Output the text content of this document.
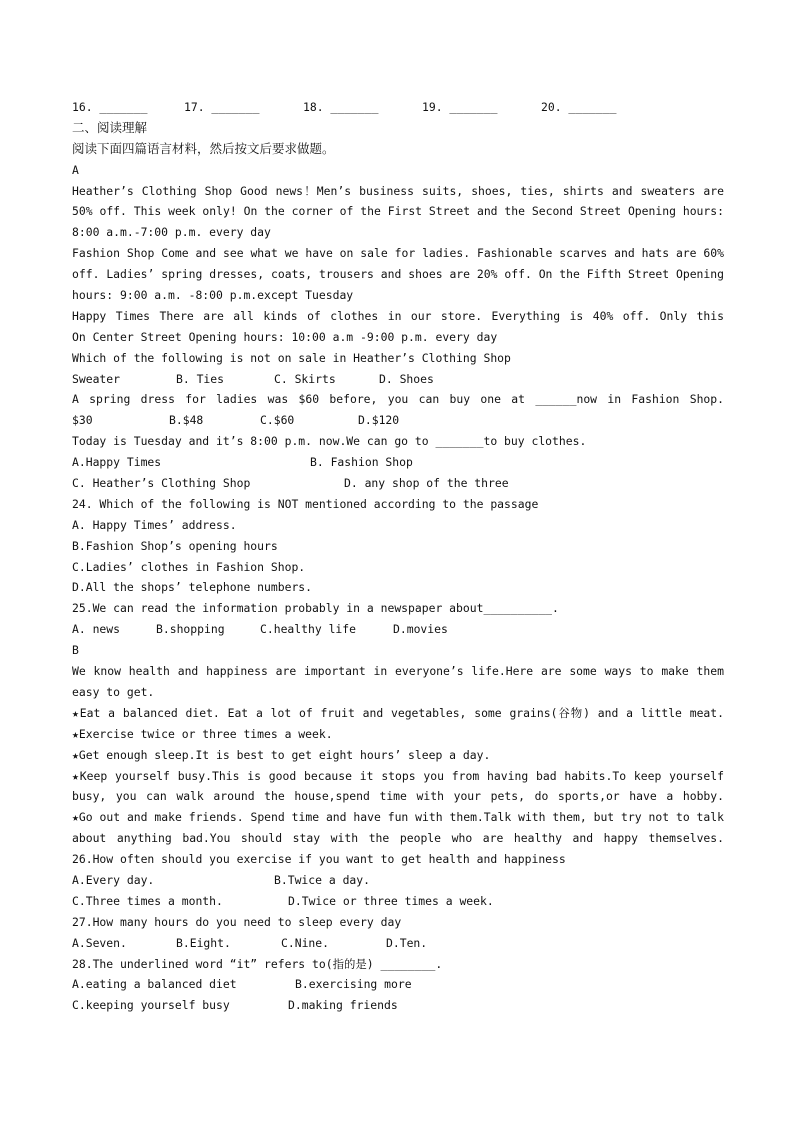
16. _______	17. _______	18. _______	19. _______	20. _______
二、阅读理解
阅读下面四篇语言材料，然后按文后要求做题。
A
Heather’s Clothing Shop Good news！Men’s business suits, shoes, ties, shirts and sweaters are
50% off. This week only! On the corner of the First Street and the Second Street Opening hours:
8:00 a.m.-7:00 p.m. every day
Fashion Shop Come and see what we have on sale for ladies. Fashionable scarves and hats are 60%
off. Ladies’ spring dresses, coats, trousers and shoes are 20% off. On the Fifth Street Opening
hours: 9:00 a.m. -8:00 p.m.except Tuesday
Happy Times There are all kinds of clothes in our store. Everything is 40% off. Only this
On Center Street Opening hours: 10:00 a.m -9:00 p.m. every day
Which of the following is not on sale in Heather’s Clothing Shop
Sweater	B. Ties	C. Skirts	D. Shoes
A spring dress for ladies was $60 before, you can buy one at ______now in Fashion Shop.
$30	B.$48	C.$60	D.$120
Today is Tuesday and it’s 8:00 p.m. now.We can go to _______to buy clothes.
A.Happy Times	B. Fashion Shop
C. Heather’s Clothing Shop	D. any shop of the three
24. Which of the following is NOT mentioned according to the passage
A. Happy Times’ address.
B.Fashion Shop’s opening hours
C.Ladies’ clothes in Fashion Shop.
D.All the shops’ telephone numbers.
25.We can read the information probably in a newspaper about__________.
A. news	B.shopping	C.healthy life	D.movies
B
We know health and happiness are important in everyone’s life.Here are some ways to make them
easy to get.
★Eat a balanced diet. Eat a lot of fruit and vegetables, some grains(谷物) and a little meat.
★Exercise twice or three times a week.
★Get enough sleep.It is best to get eight hours’ sleep a day.
★Keep yourself busy.This is good because it stops you from having bad habits.To keep yourself
busy, you can walk around the house,spend time with your pets, do sports,or have a hobby.
★Go out and make friends. Spend time and have fun with them.Talk with them, but try not to talk
about anything bad.You should stay with the people who are healthy and happy themselves.
26.How often should you exercise if you want to get health and happiness
A.Every day.	B.Twice a day.
C.Three times a month.	D.Twice or three times a week.
27.How many hours do you need to sleep every day
A.Seven.	B.Eight.	C.Nine.	D.Ten.
28.The underlined word “it” refers to(指的是) ________.
A.eating a balanced diet	B.exercising more
C.keeping yourself busy	D.making friends
